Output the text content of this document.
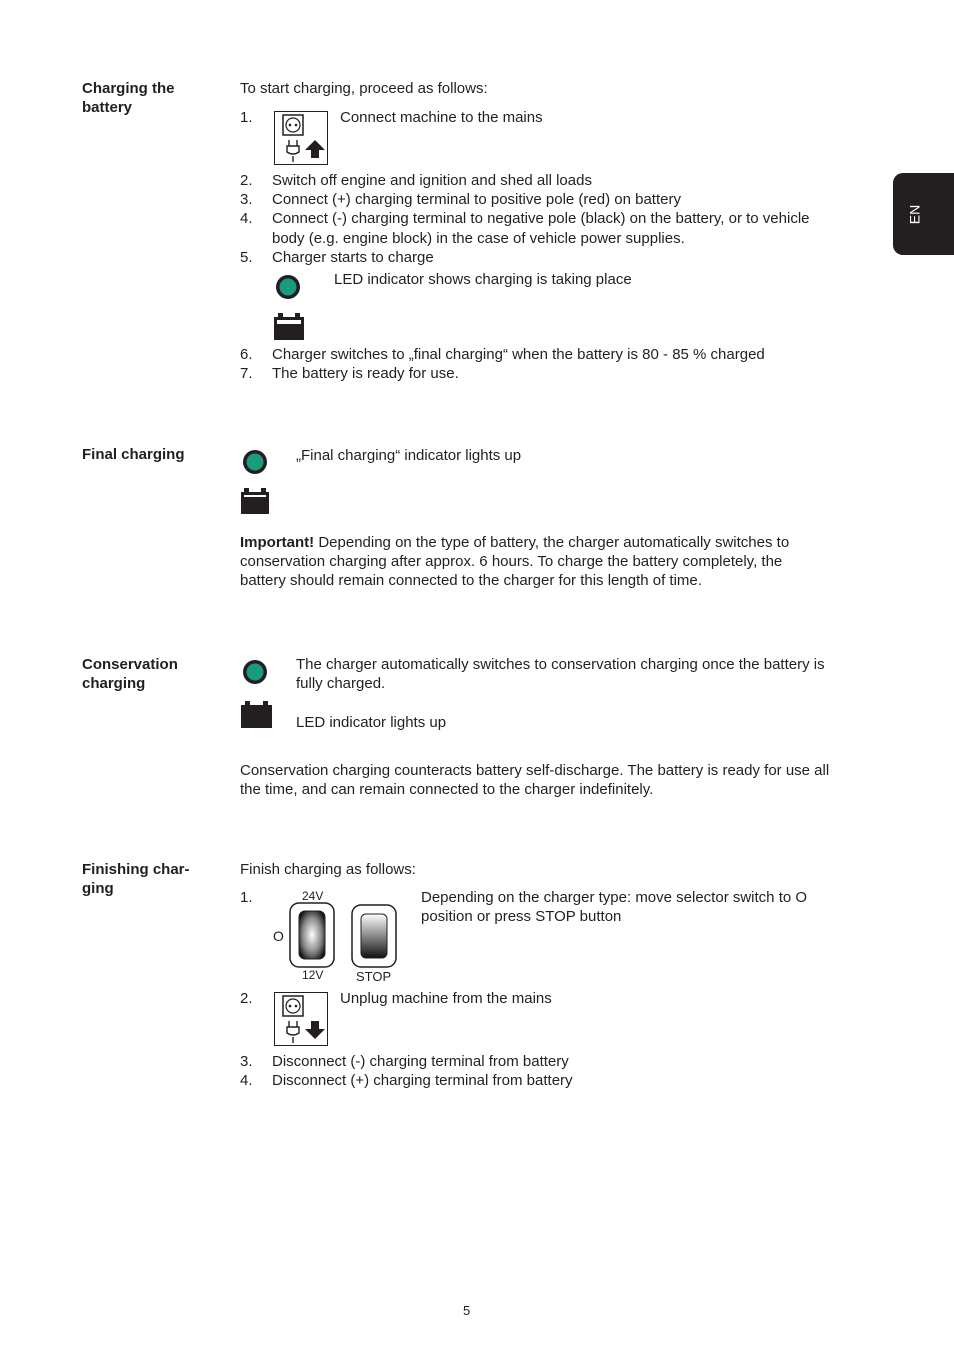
EN
Charging the
battery
To start charging, proceed as follows:
1.	Connect machine to the mains
2. Switch off engine and ignition and shed all loads
3. Connect (+) charging terminal to positive pole (red) on battery
4. Connect (-) charging terminal to negative pole (black) on the battery, or to vehicle
body (e.g. engine block) in the case of vehicle power supplies.
5. Charger starts to charge
LED indicator shows charging is taking place
6. Charger switches to „final charging“ when the battery is 80 - 85 % charged
7. The battery is ready for use.
Final charging	„Final charging“ indicator lights up
Important! Depending on the type of battery, the charger automatically switches to
conservation charging after approx. 6 hours. To charge the battery completely, the
battery should remain connected to the charger for this length of time.
Conservation
charging
The charger automatically switches to conservation charging once the battery is
fully charged.
LED indicator lights up
Conservation charging counteracts battery self-discharge. The battery is ready for use all
the time, and can remain connected to the charger indefinitely.
Finishing char-
ging
Finish charging as follows:
1.	24V
O
12V	STOP
Depending on the charger type: move selector switch to O
position or press STOP button
2.	Unplug machine from the mains
3. Disconnect (-) charging terminal from battery
4. Disconnect (+) charging terminal from battery
5
